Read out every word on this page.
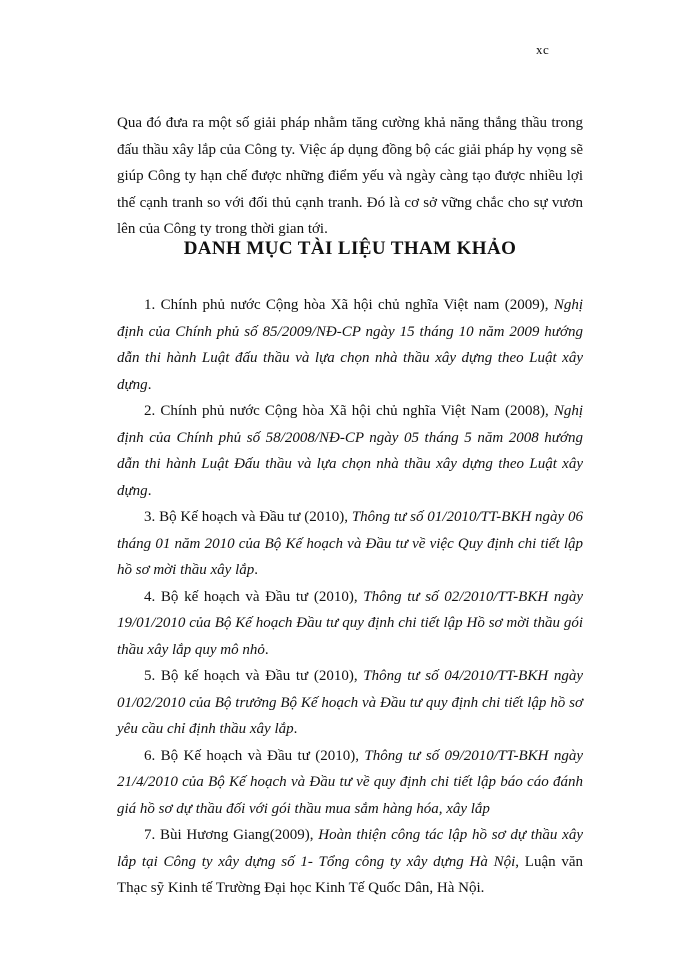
xc

Qua đó đưa ra một số giải pháp nhằm tăng cường khả năng thắng thầu trong đấu thầu xây lắp của Công ty. Việc áp dụng đồng bộ các giải pháp hy vọng sẽ giúp Công ty hạn chế được những điểm yếu và ngày càng tạo được nhiều lợi thế cạnh tranh so với đối thủ cạnh tranh. Đó là cơ sở vững chắc cho sự vươn lên của Công ty trong thời gian tới.

DANH MỤC TÀI LIỆU THAM KHẢO

1. Chính phủ nước Cộng hòa Xã hội chủ nghĩa Việt nam (2009), Nghị định của Chính phủ số 85/2009/NĐ-CP ngày 15 tháng 10 năm 2009 hướng dẫn thi hành Luật đấu thầu và lựa chọn nhà thầu xây dựng theo Luật xây dựng.

2. Chính phủ nước Cộng hòa Xã hội chủ nghĩa Việt Nam (2008), Nghị định của Chính phủ số 58/2008/NĐ-CP ngày 05 tháng 5 năm 2008 hướng dẫn thi hành Luật Đấu thầu và lựa chọn nhà thầu xây dựng theo Luật xây dựng.

3. Bộ Kế hoạch và Đầu tư (2010), Thông tư số 01/2010/TT-BKH ngày 06 tháng 01 năm 2010 của Bộ Kế hoạch và Đầu tư về việc Quy định chi tiết lập hồ sơ mời thầu xây lắp.

4. Bộ kế hoạch và Đầu tư (2010), Thông tư số 02/2010/TT-BKH ngày 19/01/2010 của Bộ Kế hoạch Đầu tư quy định chi tiết lập Hồ sơ mời thầu gói thầu xây lắp quy mô nhỏ.

5. Bộ kế hoạch và Đầu tư (2010), Thông tư số 04/2010/TT-BKH ngày 01/02/2010 của Bộ trưởng Bộ Kế hoạch và Đầu tư quy định chi tiết lập hồ sơ yêu cầu chỉ định thầu xây lắp.

6. Bộ Kế hoạch và Đầu tư (2010), Thông tư số 09/2010/TT-BKH ngày 21/4/2010 của Bộ Kế hoạch và Đầu tư về quy định chi tiết lập báo cáo đánh giá hồ sơ dự thầu đối với gói thầu mua sắm hàng hóa, xây lắp

7. Bùi Hương Giang(2009), Hoàn thiện công tác lập hồ sơ dự thầu xây lắp tại Công ty xây dựng số 1- Tổng công ty xây dựng Hà Nội, Luận văn Thạc sỹ Kinh tế Trường Đại học Kinh Tế Quốc Dân, Hà Nội.
